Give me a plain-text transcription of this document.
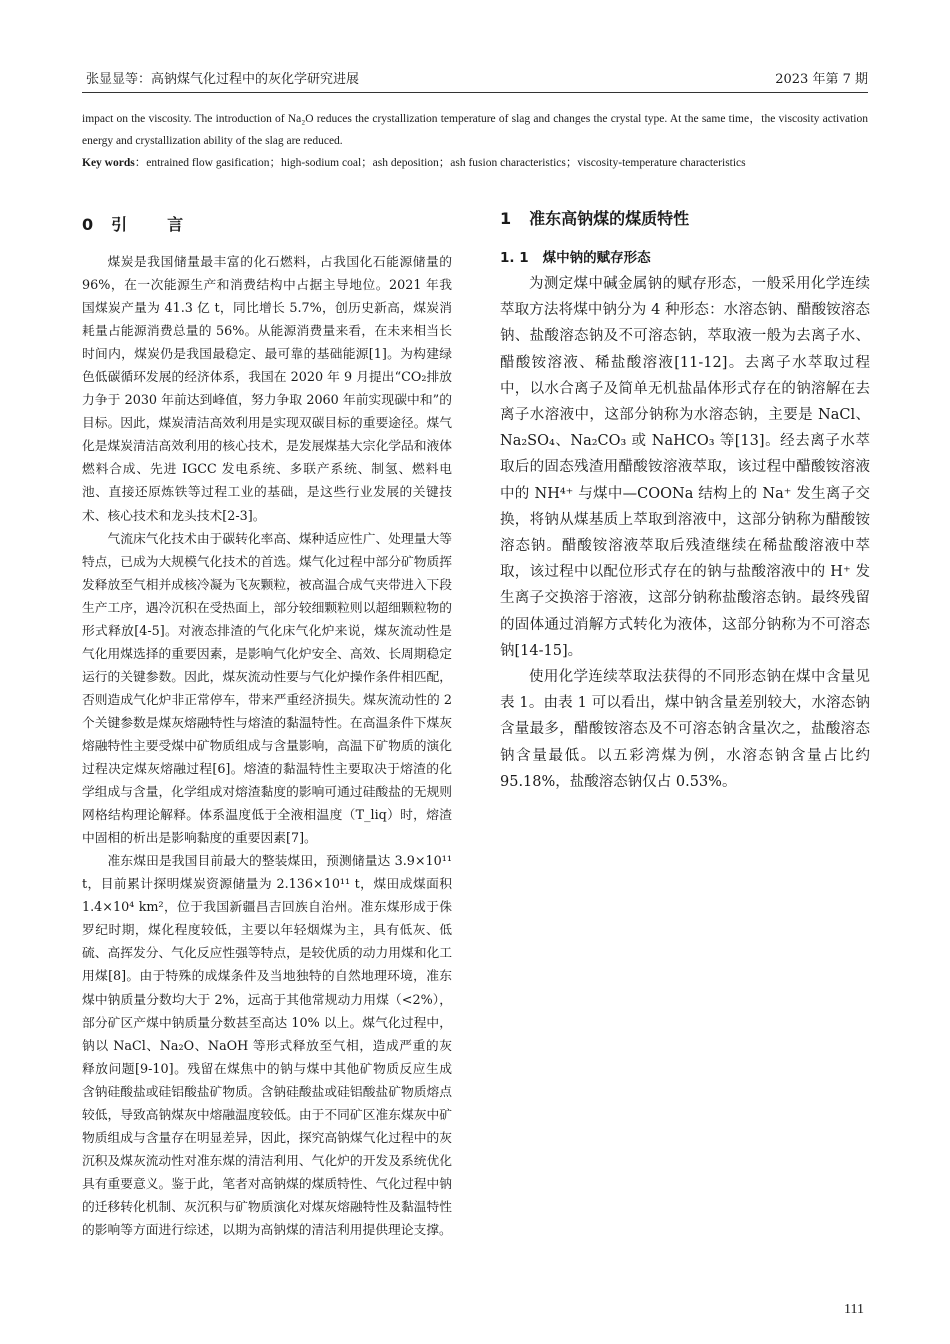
张显显等：高钠煤气化过程中的灰化学研究进展	2023 年第 7 期

impact on the viscosity. The introduction of Na₂O reduces the crystallization temperature of slag and changes the crystal type. At the same time，the viscosity activation energy and crystallization ability of the slag are reduced.

Key words：entrained flow gasification；high-sodium coal；ash deposition；ash fusion characteristics；viscosity-temperature characteristics

0 引言

煤炭是我国储量最丰富的化石燃料，占我国化石能源储量的 96%，在一次能源生产和消费结构中占据主导地位。2021 年我国煤炭产量为 41.3 亿 t，同比增长 5.7%，创历史新高，煤炭消耗量占能源消费总量的 56%。从能源消费量来看，在未来相当长时间内，煤炭仍是我国最稳定、最可靠的基础能源[1]。为构建绿色低碳循环发展的经济体系，我国在 2020 年 9 月提出“CO₂排放力争于 2030 年前达到峰值，努力争取 2060 年前实现碳中和”的目标。因此，煤炭清洁高效利用是实现双碳目标的重要途径。煤气化是煤炭清洁高效利用的核心技术，是发展煤基大宗化学品和液体燃料合成、先进 IGCC 发电系统、多联产系统、制氢、燃料电池、直接还原炼铁等过程工业的基础，是这些行业发展的关键技术、核心技术和龙头技术[2-3]。

气流床气化技术由于碳转化率高、煤种适应性广、处理量大等特点，已成为大规模气化技术的首选。煤气化过程中部分矿物质挥发释放至气相并成核冷凝为飞灰颗粒，被高温合成气夹带进入下段生产工序，遇冷沉积在受热面上，部分较细颗粒则以超细颗粒物的形式释放[4-5]。对液态排渣的气化床气化炉来说，煤灰流动性是气化用煤选择的重要因素，是影响气化炉安全、高效、长周期稳定运行的关键参数。因此，煤灰流动性要与气化炉操作条件相匹配，否则造成气化炉非正常停车，带来严重经济损失。煤灰流动性的 2 个关键参数是煤灰熔融特性与熔渣的黏温特性。在高温条件下煤灰熔融特性主要受煤中矿物质组成与含量影响，高温下矿物质的演化过程决定煤灰熔融过程[6]。熔渣的黏温特性主要取决于熔渣的化学组成与含量，化学组成对熔渣黏度的影响可通过硅酸盐的无规则网格结构理论解释。体系温度低于全液相温度（T_liq）时，熔渣中固相的析出是影响黏度的重要因素[7]。

准东煤田是我国目前最大的整装煤田，预测储量达 3.9×10¹¹ t，目前累计探明煤炭资源储量为 2.136×10¹¹ t，煤田成煤面积 1.4×10⁴ km²，位于我国新疆昌吉回族自治州。准东煤形成于侏罗纪时期，煤化程度较低，主要以年轻烟煤为主，具有低灰、低硫、高挥发分、气化反应性强等特点，是较优质的动力用煤和化工用煤[8]。由于特殊的成煤条件及当地独特的自然地理环境，准东煤中钠质量分数均大于 2%，远高于其他常规动力用煤（<2%），部分矿区产煤中钠质量分数甚至高达 10% 以上。煤气化过程中，钠以 NaCl、Na₂O、NaOH 等形式释放至气相，造成严重的灰释放问题[9-10]。残留在煤焦中的钠与煤中其他矿物质反应生成含钠硅酸盐或硅铝酸盐矿物质。含钠硅酸盐或硅铝酸盐矿物质熔点较低，导致高钠煤灰中熔融温度较低。由于不同矿区准东煤灰中矿物质组成与含量存在明显差异，因此，探究高钠煤气化过程中的灰沉积及煤灰流动性对准东煤的清洁利用、气化炉的开发及系统优化具有重要意义。鉴于此，笔者对高钠煤的煤质特性、气化过程中钠的迁移转化机制、灰沉积与矿物质演化对煤灰熔融特性及黏温特性的影响等方面进行综述，以期为高钠煤的清洁利用提供理论支撑。

1 准东高钠煤的煤质特性
1. 1 煤中钠的赋存形态

为测定煤中碱金属钠的赋存形态，一般采用化学连续萃取方法将煤中钠分为 4 种形态：水溶态钠、醋酸铵溶态钠、盐酸溶态钠及不可溶态钠，萃取液一般为去离子水、醋酸铵溶液、稀盐酸溶液[11-12]。去离子水萃取过程中，以水合离子及简单无机盐晶体形式存在的钠溶解在去离子水溶液中，这部分钠称为水溶态钠，主要是 NaCl、Na₂SO₄、Na₂CO₃ 或 NaHCO₃ 等[13]。经去离子水萃取后的固态残渣用醋酸铵溶液萃取，该过程中醋酸铵溶液中的 NH⁴⁺ 与煤中—COONa 结构上的 Na⁺ 发生离子交换，将钠从煤基质上萃取到溶液中，这部分钠称为醋酸铵溶态钠。醋酸铵溶液萃取后残渣继续在稀盐酸溶液中萃取，该过程中以配位形式存在的钠与盐酸溶液中的 H⁺ 发生离子交换溶于溶液，这部分钠称盐酸溶态钠。最终残留的固体通过消解方式转化为液体，这部分钠称为不可溶态钠[14-15]。

使用化学连续萃取法获得的不同形态钠在煤中含量见表 1。由表 1 可以看出，煤中钠含量差别较大，水溶态钠含量最多，醋酸铵溶态及不可溶态钠含量次之，盐酸溶态钠含量最低。以五彩湾煤为例，水溶态钠含量占比约95.18%，盐酸溶态钠仅占 0.53%。

111
